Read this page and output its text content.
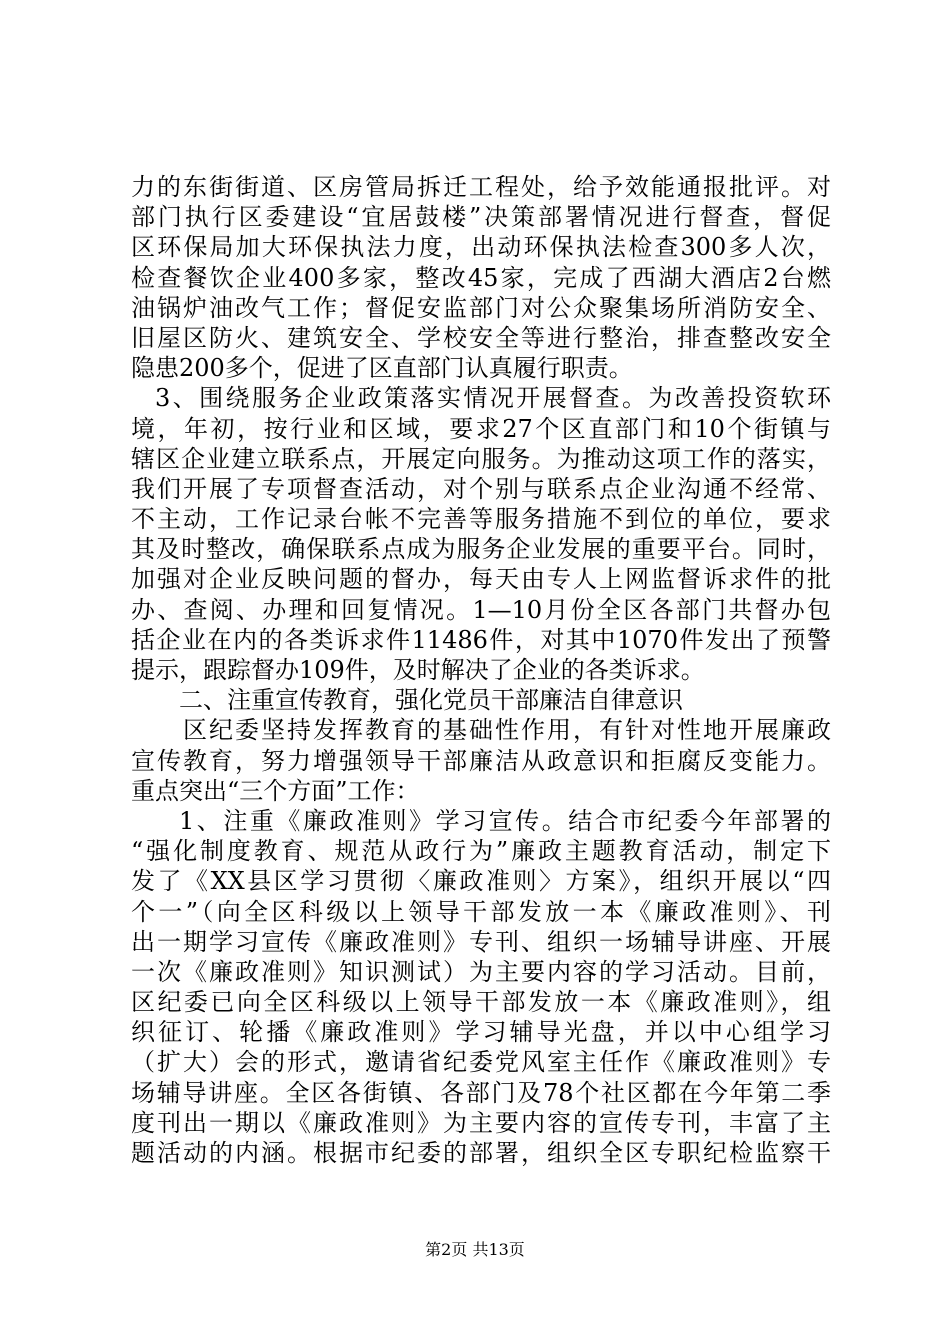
力的东街街道、区房管局拆迁工程处，给予效能通报批评。对
部门执行区委建设“宜居鼓楼”决策部署情况进行督查，督促
区环保局加大环保执法力度，出动环保执法检查300多人次，
检查餐饮企业400多家，整改45家，完成了西湖大酒店2台燃
油锅炉油改气工作；督促安监部门对公众聚集场所消防安全、
旧屋区防火、建筑安全、学校安全等进行整治，排查整改安全
隐患200多个，促进了区直部门认真履行职责。
3、围绕服务企业政策落实情况开展督查。为改善投资软环
境，年初，按行业和区域，要求27个区直部门和10个街镇与
辖区企业建立联系点，开展定向服务。为推动这项工作的落实，
我们开展了专项督查活动，对个别与联系点企业沟通不经常、
不主动，工作记录台帐不完善等服务措施不到位的单位，要求
其及时整改，确保联系点成为服务企业发展的重要平台。同时，
加强对企业反映问题的督办，每天由专人上网监督诉求件的批
办、查阅、办理和回复情况。1—10月份全区各部门共督办包
括企业在内的各类诉求件11486件，对其中1070件发出了预警
提示，跟踪督办109件，及时解决了企业的各类诉求。
二、注重宣传教育，强化党员干部廉洁自律意识
区纪委坚持发挥教育的基础性作用，有针对性地开展廉政
宣传教育，努力增强领导干部廉洁从政意识和拒腐反变能力。
重点突出“三个方面”工作：
1、注重《廉政准则》学习宣传。结合市纪委今年部署的
“强化制度教育、规范从政行为”廉政主题教育活动，制定下
发了《XX县区学习贯彻〈廉政准则〉方案》，组织开展以“四
个一”（向全区科级以上领导干部发放一本《廉政准则》、刊
出一期学习宣传《廉政准则》专刊、组织一场辅导讲座、开展
一次《廉政准则》知识测试）为主要内容的学习活动。目前，
区纪委已向全区科级以上领导干部发放一本《廉政准则》，组
织征订、轮播《廉政准则》学习辅导光盘，并以中心组学习
（扩大）会的形式，邀请省纪委党风室主任作《廉政准则》专
场辅导讲座。全区各街镇、各部门及78个社区都在今年第二季
度刊出一期以《廉政准则》为主要内容的宣传专刊，丰富了主
题活动的内涵。根据市纪委的部署，组织全区专职纪检监察干
第2页 共13页
